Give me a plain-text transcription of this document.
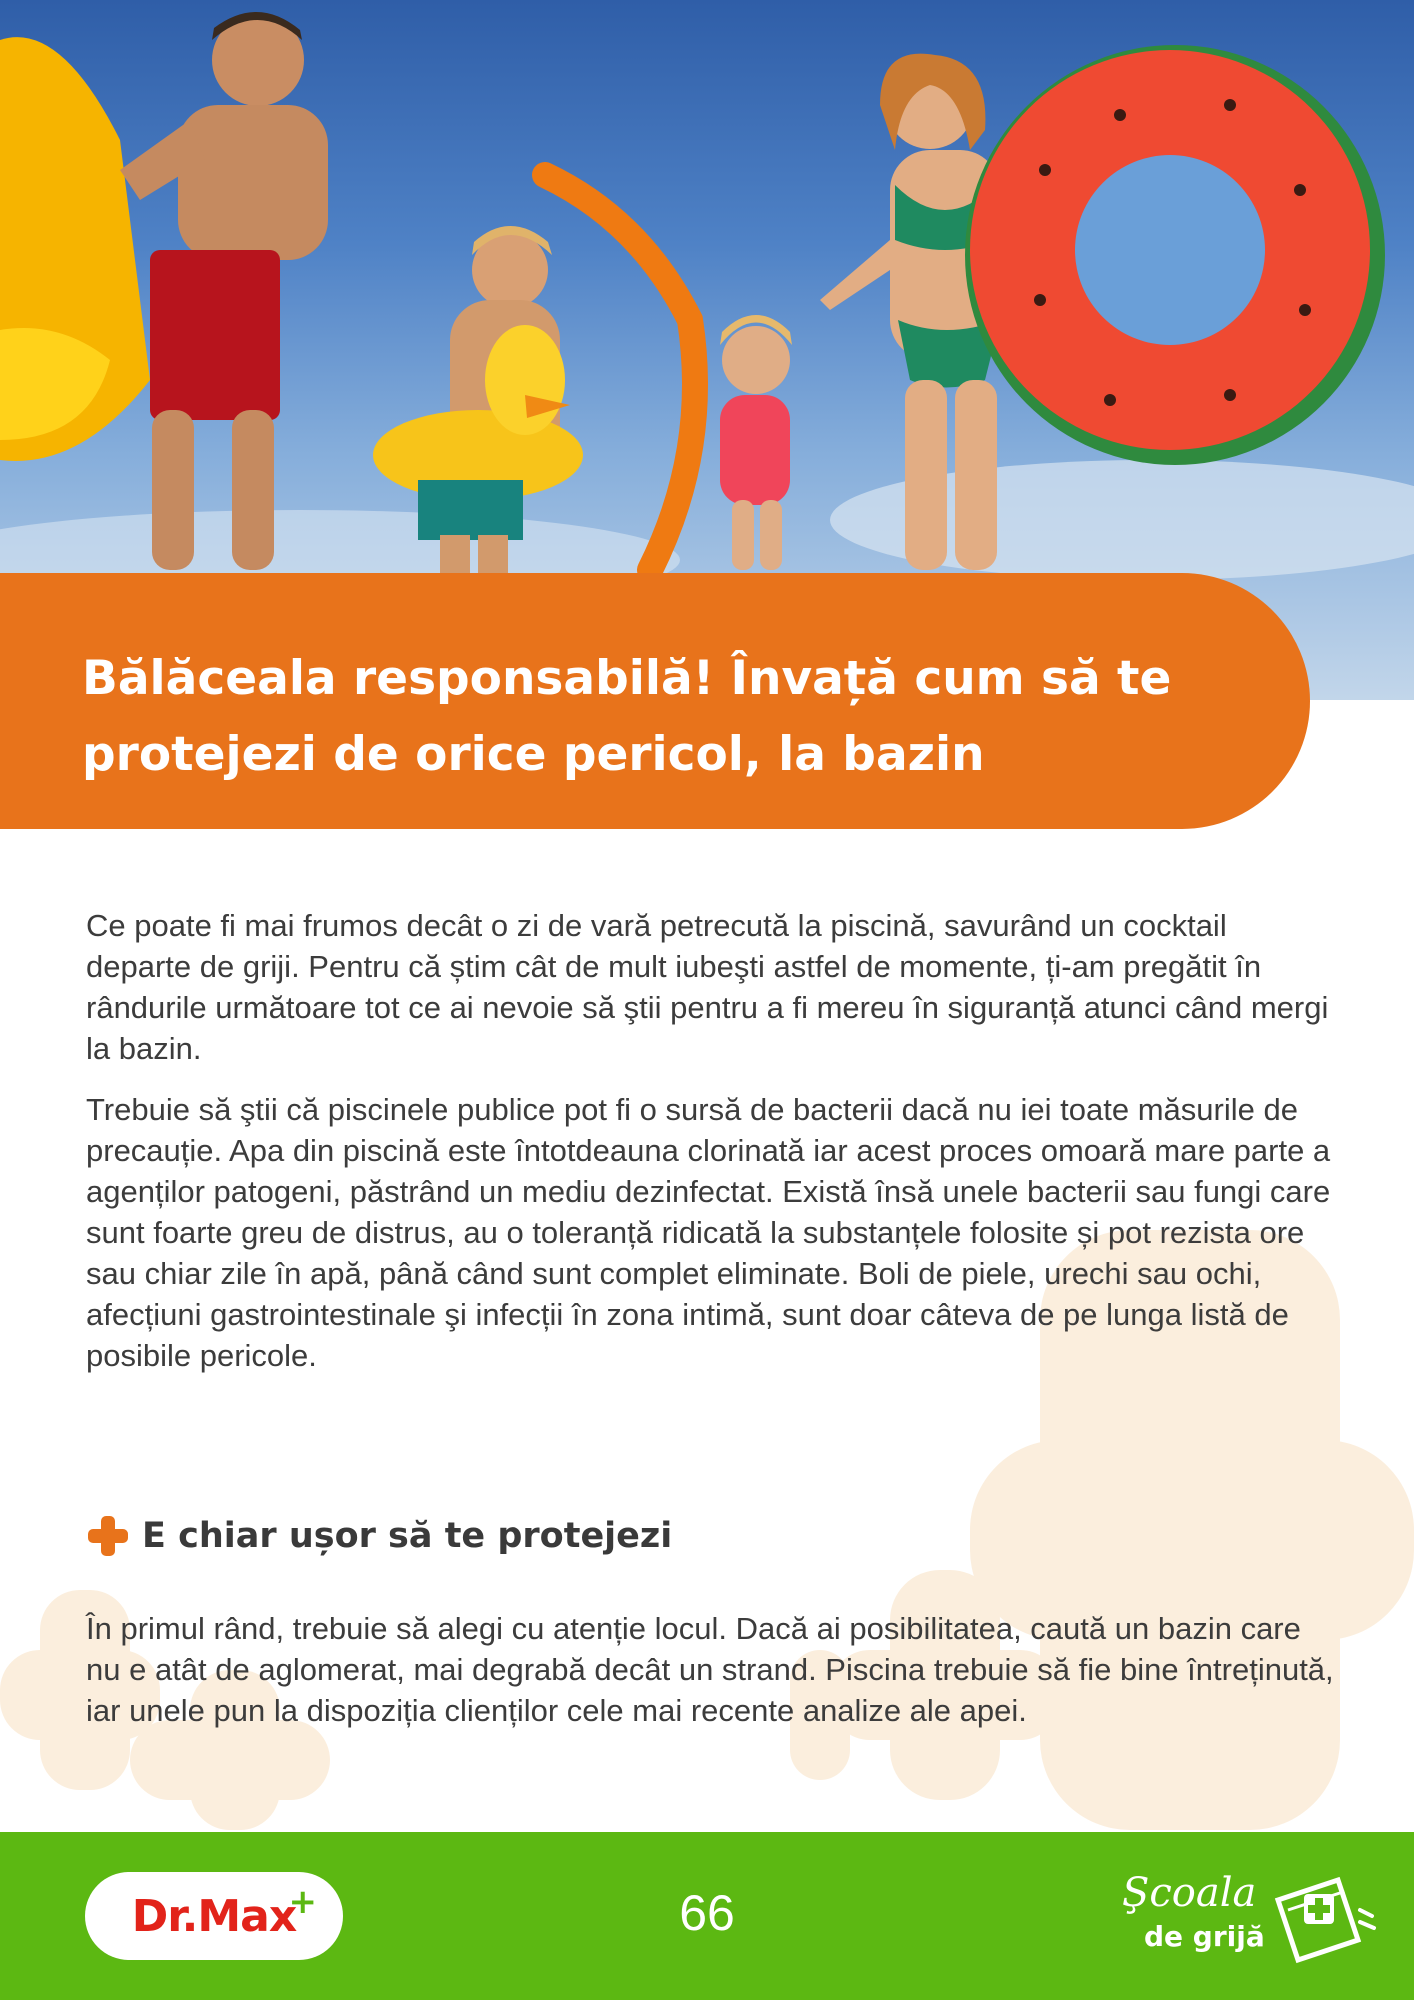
Bălăceala responsabilă! Învață cum să te protejezi de orice pericol, la bazin

Ce poate fi mai frumos decât o zi de vară petrecută la piscină, savurând un cocktail departe de griji. Pentru că știm cât de mult iubeşti astfel de momente, ți-am pregătit în rândurile următoare tot ce ai nevoie să ştii pentru a fi mereu în siguranță atunci când mergi la bazin.

Trebuie să ştii că piscinele publice pot fi o sursă de bacterii dacă nu iei toate măsurile de precauție. Apa din piscină este întotdeauna clorinată iar acest proces omoară mare parte a agenților patogeni, păstrând un mediu dezinfectat. Există însă unele bacterii sau fungi care sunt foarte greu de distrus, au o toleranță ridicată la substanțele folosite și pot rezista ore sau chiar zile în apă, până când sunt complet eliminate. Boli de piele, urechi sau ochi, afecțiuni gastrointestinale şi infecții în zona intimă, sunt doar câteva de pe lunga listă de posibile pericole.

E chiar ușor să te protejezi

În primul rând, trebuie să alegi cu atenție locul. Dacă ai posibilitatea, caută un bazin care nu e atât de aglomerat, mai degrabă decât un strand. Piscina trebuie să fie bine întreținută, iar unele pun la dispoziția clienților cele mai recente analize ale apei.

Dr.Max
+	66	Şcoala
de grijă
